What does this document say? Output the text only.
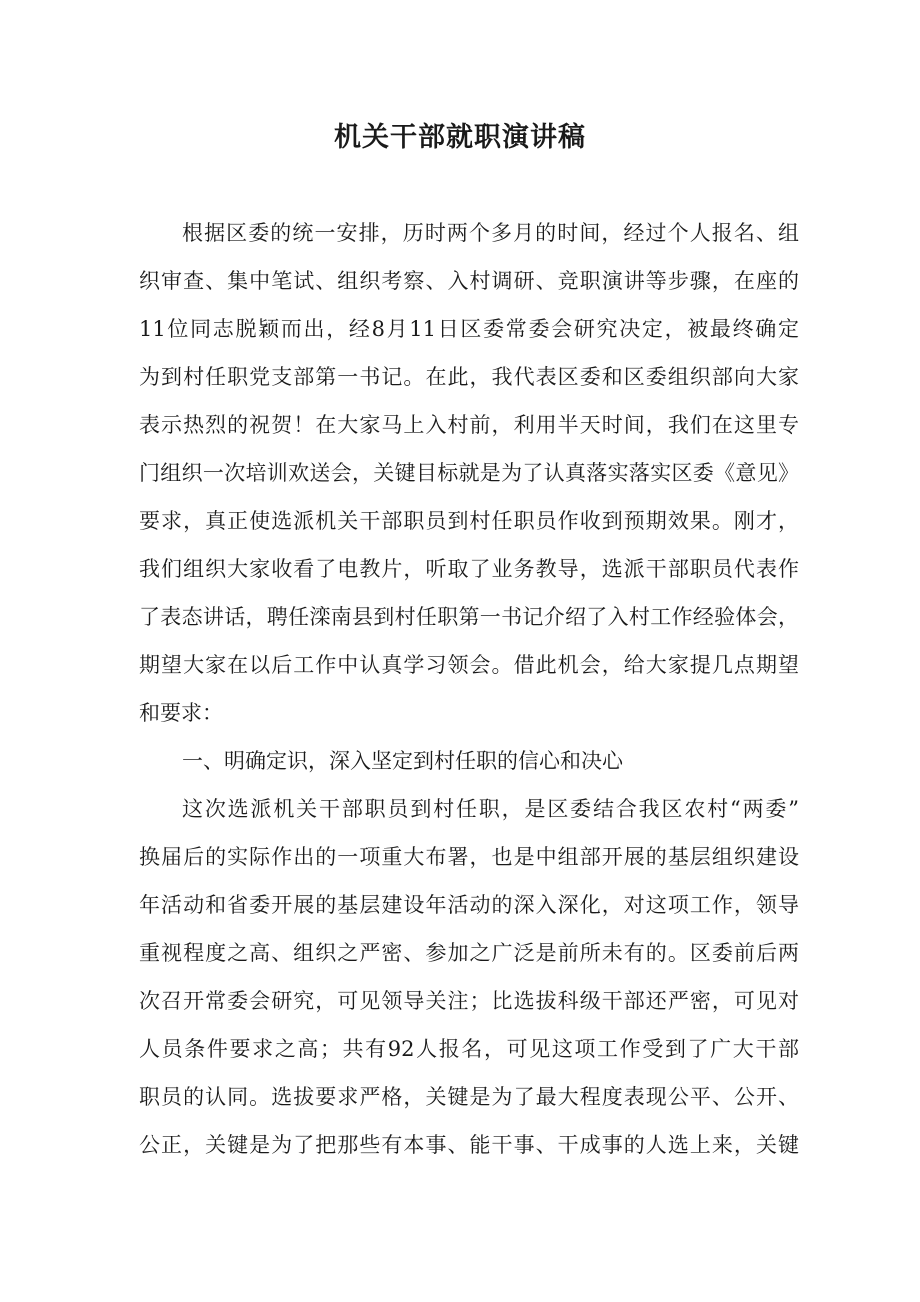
机关干部就职演讲稿

根据区委的统一安排，历时两个多月的时间，经过个人报名、组

织审查、集中笔试、组织考察、入村调研、竞职演讲等步骤，在座的

11位同志脱颖而出，经8月11日区委常委会研究决定，被最终确定

为到村任职党支部第一书记。在此，我代表区委和区委组织部向大家

表示热烈的祝贺！在大家马上入村前，利用半天时间，我们在这里专

门组织一次培训欢送会，关键目标就是为了认真落实落实区委《意见》

要求，真正使选派机关干部职员到村任职员作收到预期效果。刚才，

我们组织大家收看了电教片，听取了业务教导，选派干部职员代表作

了表态讲话，聘任滦南县到村任职第一书记介绍了入村工作经验体会，

期望大家在以后工作中认真学习领会。借此机会，给大家提几点期望

和要求：

一、明确定识，深入坚定到村任职的信心和决心

这次选派机关干部职员到村任职，是区委结合我区农村“两委”

换届后的实际作出的一项重大布署，也是中组部开展的基层组织建设

年活动和省委开展的基层建设年活动的深入深化，对这项工作，领导

重视程度之高、组织之严密、参加之广泛是前所未有的。区委前后两

次召开常委会研究，可见领导关注；比选拔科级干部还严密，可见对

人员条件要求之高；共有92人报名，可见这项工作受到了广大干部

职员的认同。选拔要求严格，关键是为了最大程度表现公平、公开、

公正，关键是为了把那些有本事、能干事、干成事的人选上来，关键
